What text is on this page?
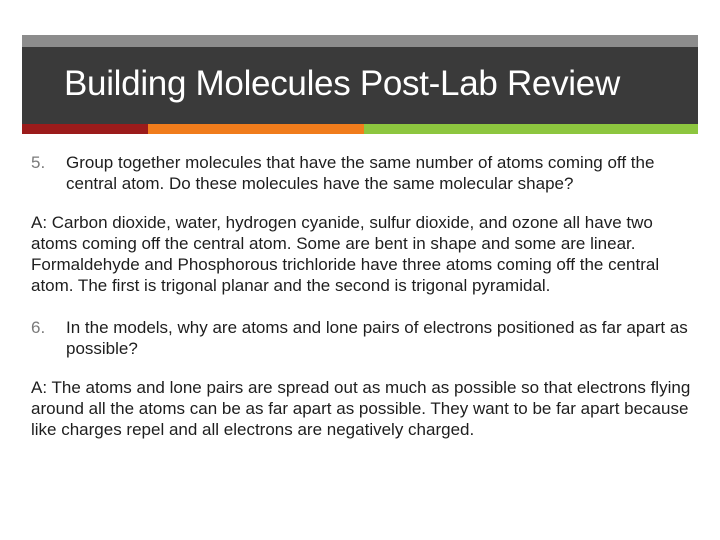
Building Molecules Post-Lab Review
5.	Group together molecules that have the same number of atoms coming off the central atom. Do these molecules have the same molecular shape?

A: Carbon dioxide, water, hydrogen cyanide, sulfur dioxide, and ozone all have two atoms coming off the central atom. Some are bent in shape and some are linear. Formaldehyde and Phosphorous trichloride have three atoms coming off the central atom. The first is trigonal planar and the second is trigonal pyramidal.

6.	In the models, why are atoms and lone pairs of electrons positioned as far apart as possible?

A: The atoms and lone pairs are spread out as much as possible so that electrons flying around all the atoms can be as far apart as possible. They want to be far apart because like charges repel and all electrons are negatively charged.
